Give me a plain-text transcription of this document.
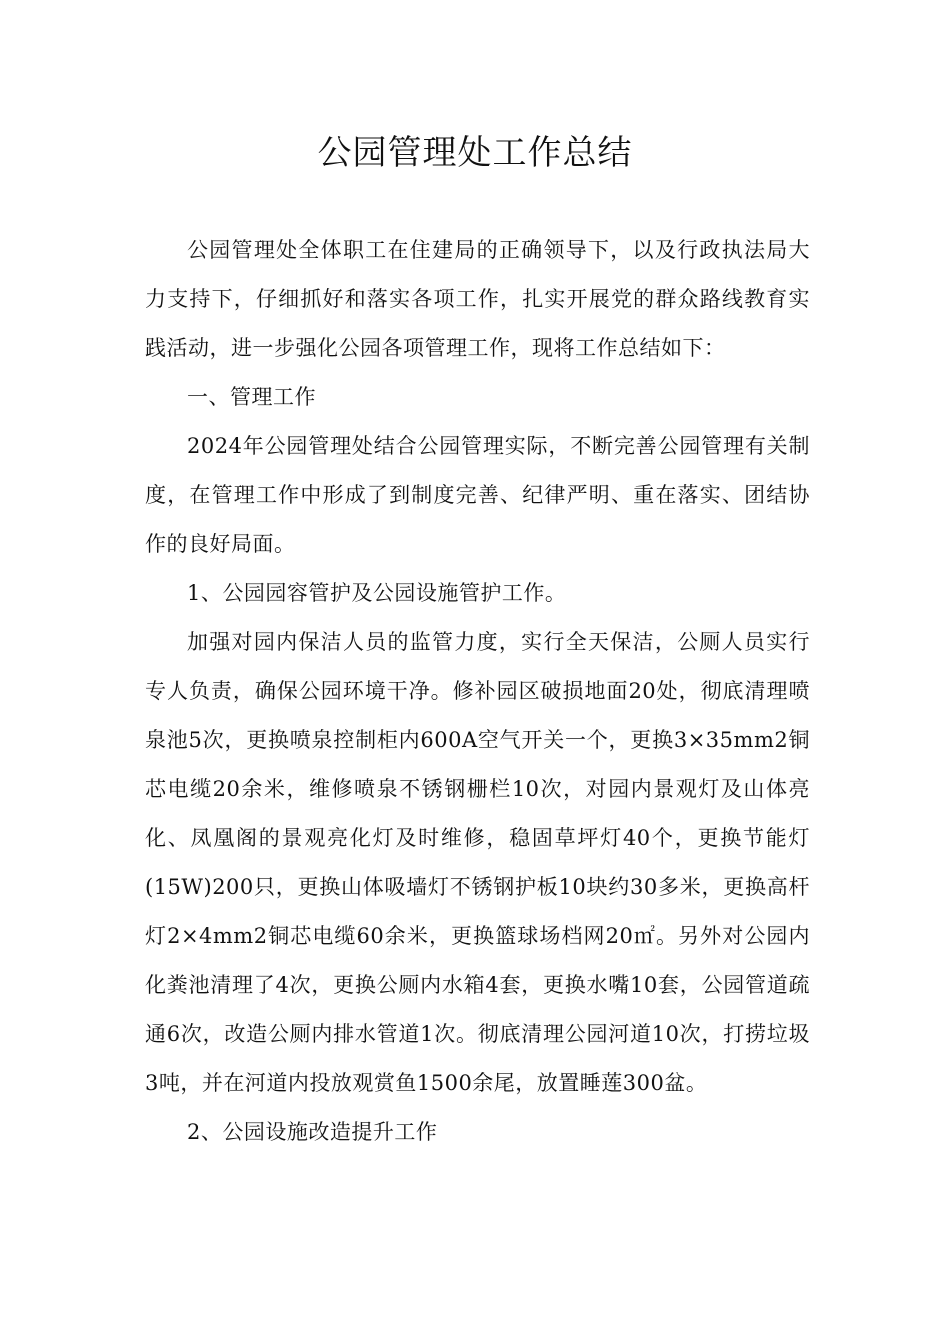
公园管理处工作总结

公园管理处全体职工在住建局的正确领导下，以及行政执法局大力支持下，仔细抓好和落实各项工作，扎实开展党的群众路线教育实践活动，进一步强化公园各项管理工作，现将工作总结如下：

一、管理工作

2024年公园管理处结合公园管理实际，不断完善公园管理有关制度，在管理工作中形成了到制度完善、纪律严明、重在落实、团结协作的良好局面。

1、公园园容管护及公园设施管护工作。

加强对园内保洁人员的监管力度，实行全天保洁，公厕人员实行专人负责，确保公园环境干净。修补园区破损地面20处，彻底清理喷泉池5次，更换喷泉控制柜内600A空气开关一个，更换3×35mm2铜芯电缆20余米，维修喷泉不锈钢栅栏10次，对园内景观灯及山体亮化、凤凰阁的景观亮化灯及时维修，稳固草坪灯40个，更换节能灯(15W)200只，更换山体吸墙灯不锈钢护板10块约30多米，更换高杆灯2×4mm2铜芯电缆60余米，更换篮球场档网20㎡。另外对公园内化粪池清理了4次，更换公厕内水箱4套，更换水嘴10套，公园管道疏通6次，改造公厕内排水管道1次。彻底清理公园河道10次，打捞垃圾3吨，并在河道内投放观赏鱼1500余尾，放置睡莲300盆。

2、公园设施改造提升工作
